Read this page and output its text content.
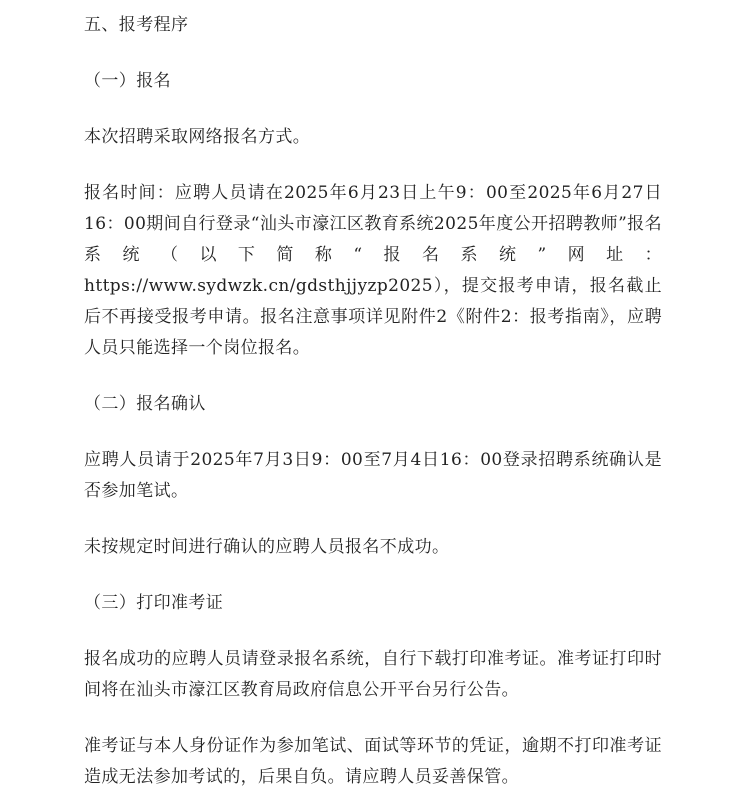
五、报考程序

（一）报名

本次招聘采取网络报名方式。

报名时间：应聘人员请在2025年6月23日上午9：00至2025年6月27日16：00期间自行登录“汕头市濠江区教育系统2025年度公开招聘教师”报名系统（以下简称“报名系统”网址：https://www.sydwzk.cn/gdsthjjyzp2025），提交报考申请，报名截止后不再接受报考申请。报名注意事项详见附件2《附件2：报考指南》，应聘人员只能选择一个岗位报名。

（二）报名确认

应聘人员请于2025年7月3日9：00至7月4日16：00登录招聘系统确认是否参加笔试。

未按规定时间进行确认的应聘人员报名不成功。

（三）打印准考证

报名成功的应聘人员请登录报名系统，自行下载打印准考证。准考证打印时间将在汕头市濠江区教育局政府信息公开平台另行公告。

准考证与本人身份证作为参加笔试、面试等环节的凭证，逾期不打印准考证造成无法参加考试的，后果自负。请应聘人员妥善保管。
